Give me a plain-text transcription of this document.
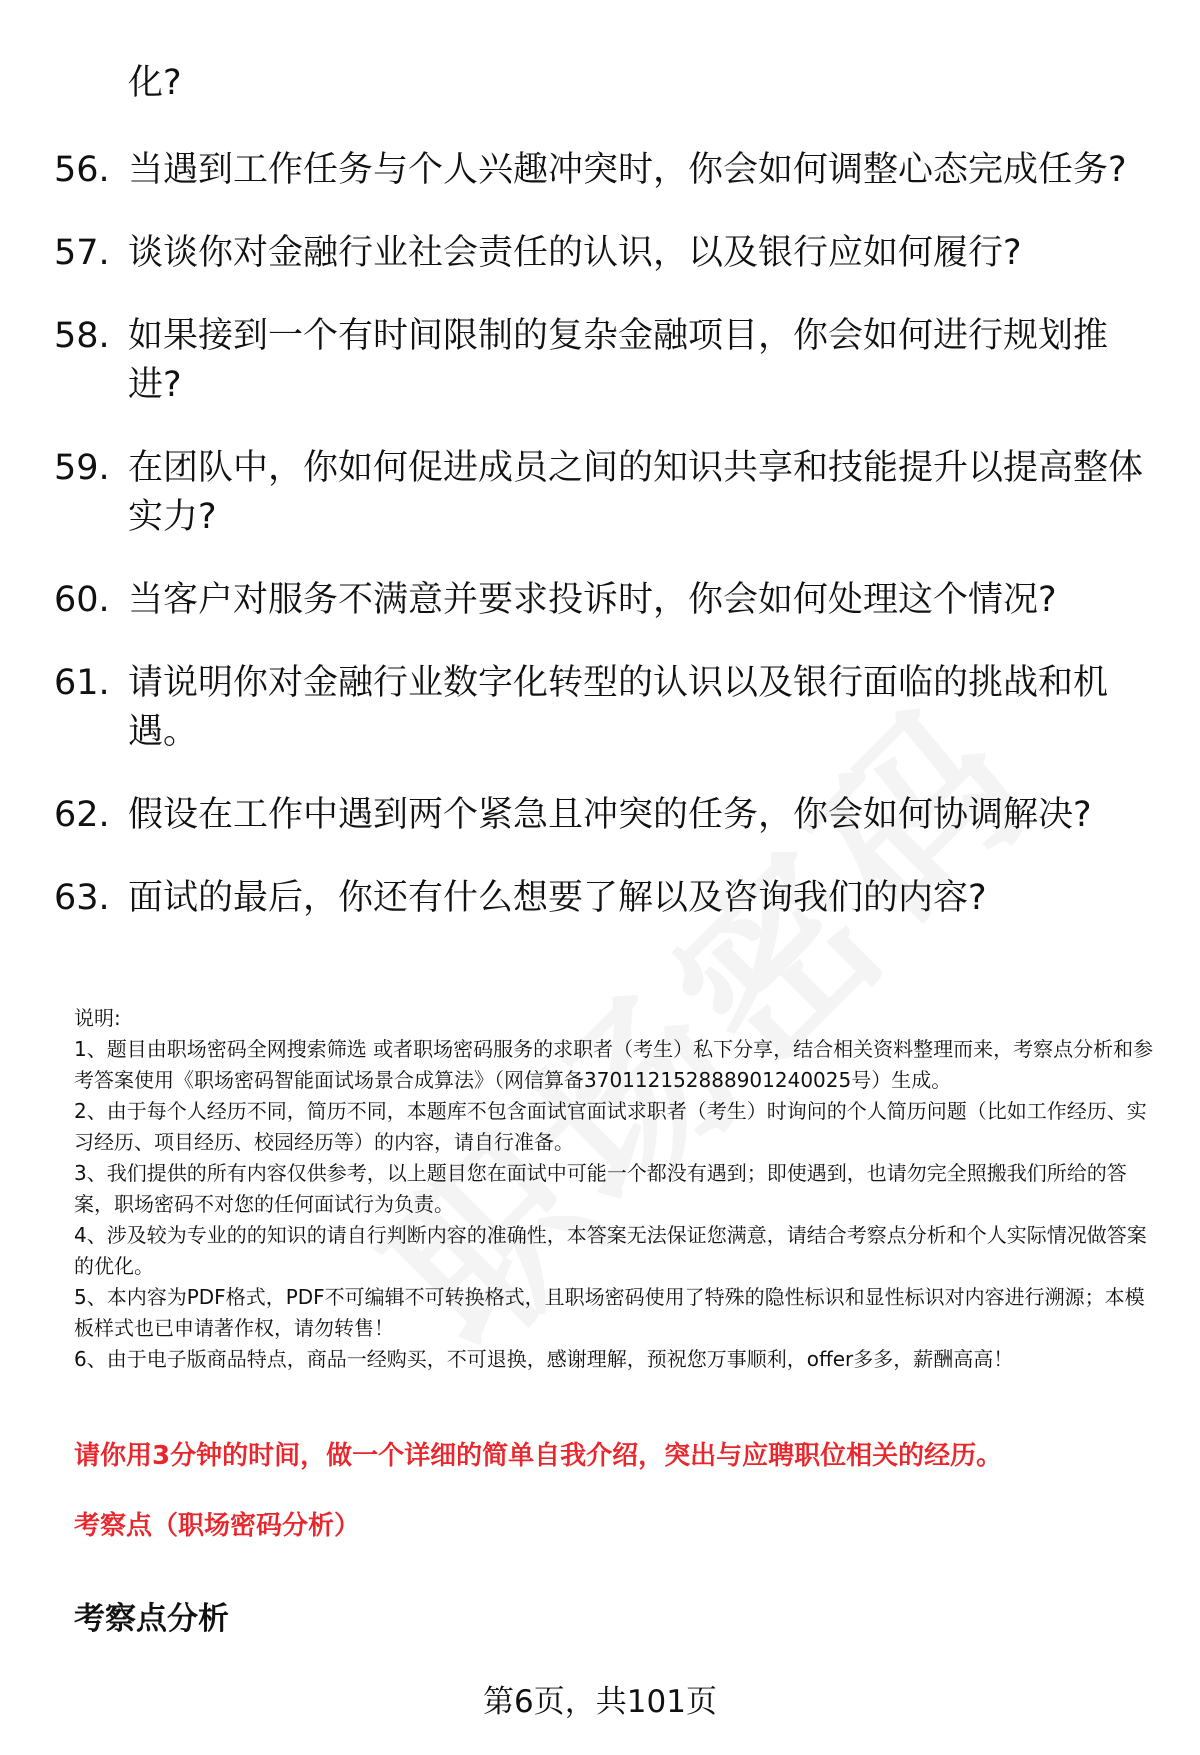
化?
56. 当遇到工作任务与个人兴趣冲突时，你会如何调整心态完成任务?
57. 谈谈你对金融行业社会责任的认识，以及银行应如何履行?
58. 如果接到一个有时间限制的复杂金融项目，你会如何进行规划推进?
59. 在团队中，你如何促进成员之间的知识共享和技能提升以提高整体实力?
60. 当客户对服务不满意并要求投诉时，你会如何处理这个情况?
61. 请说明你对金融行业数字化转型的认识以及银行面临的挑战和机遇。
62. 假设在工作中遇到两个紧急且冲突的任务，你会如何协调解决?
63. 面试的最后，你还有什么想要了解以及咨询我们的内容?

说明:

1、题目由职场密码全网搜索筛选 或者职场密码服务的求职者（考生）私下分享，结合相关资料整理而来，考察点分析和参考答案使用《职场密码智能面试场景合成算法》（网信算备370112152888901240025号）生成。

2、由于每个人经历不同，简历不同，本题库不包含面试官面试求职者（考生）时询问的个人简历问题（比如工作经历、实习经历、项目经历、校园经历等）的内容，请自行准备。

3、我们提供的所有内容仅供参考，以上题目您在面试中可能一个都没有遇到；即使遇到，也请勿完全照搬我们所给的答案，职场密码不对您的任何面试行为负责。

4、涉及较为专业的的知识的请自行判断内容的准确性，本答案无法保证您满意，请结合考察点分析和个人实际情况做答案的优化。

5、本内容为PDF格式，PDF不可编辑不可转换格式，且职场密码使用了特殊的隐性标识和显性标识对内容进行溯源；本模板样式也已申请著作权，请勿转售！

6、由于电子版商品特点，商品一经购买，不可退换，感谢理解，预祝您万事顺利，offer多多，薪酬高高！

请你用3分钟的时间，做一个详细的简单自我介绍，突出与应聘职位相关的经历。
考察点（职场密码分析）
考察点分析
第6页，共101页
